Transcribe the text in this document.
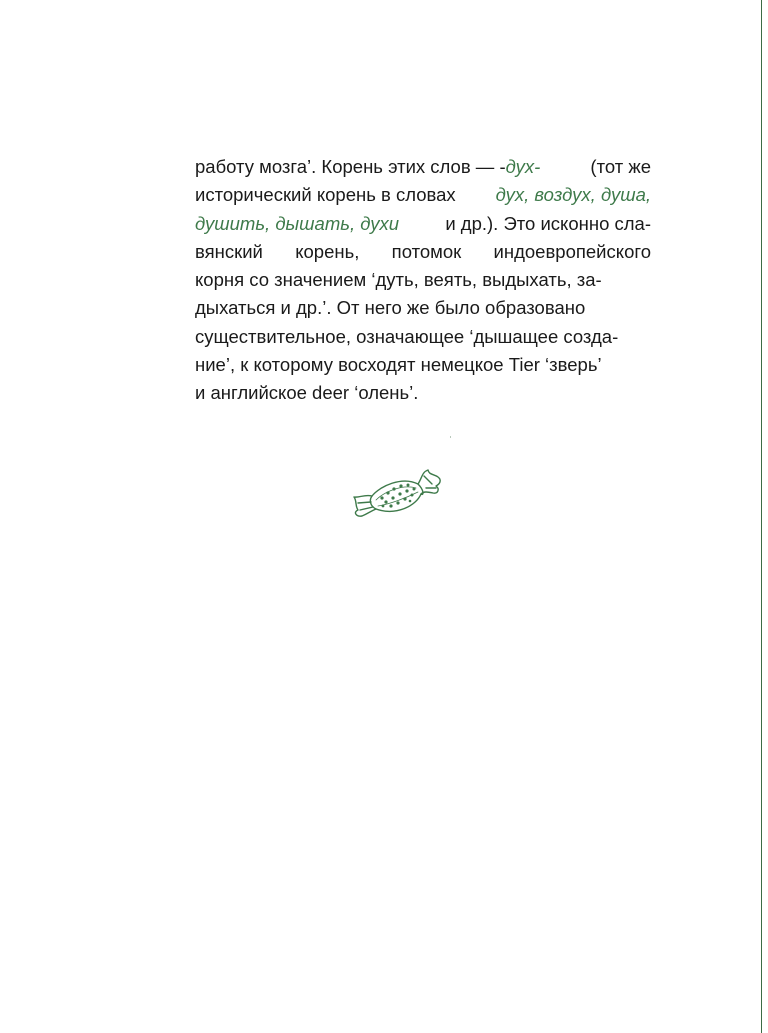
работу мозга’. Корень этих слов — -дух- (тот же
исторический корень в словах дух, воздух, душа,
душить, дышать, духи и др.). Это исконно сла-
вянский корень, потомок индоевропейского
корня со значением ‘дуть, веять, выдыхать, за-
дыхаться и др.’. От него же было образовано
существительное, означающее ‘дышащее созда-
ние’, к которому восходят немецкое Tier ‘зверь’
и английское deer ‘олень’.
